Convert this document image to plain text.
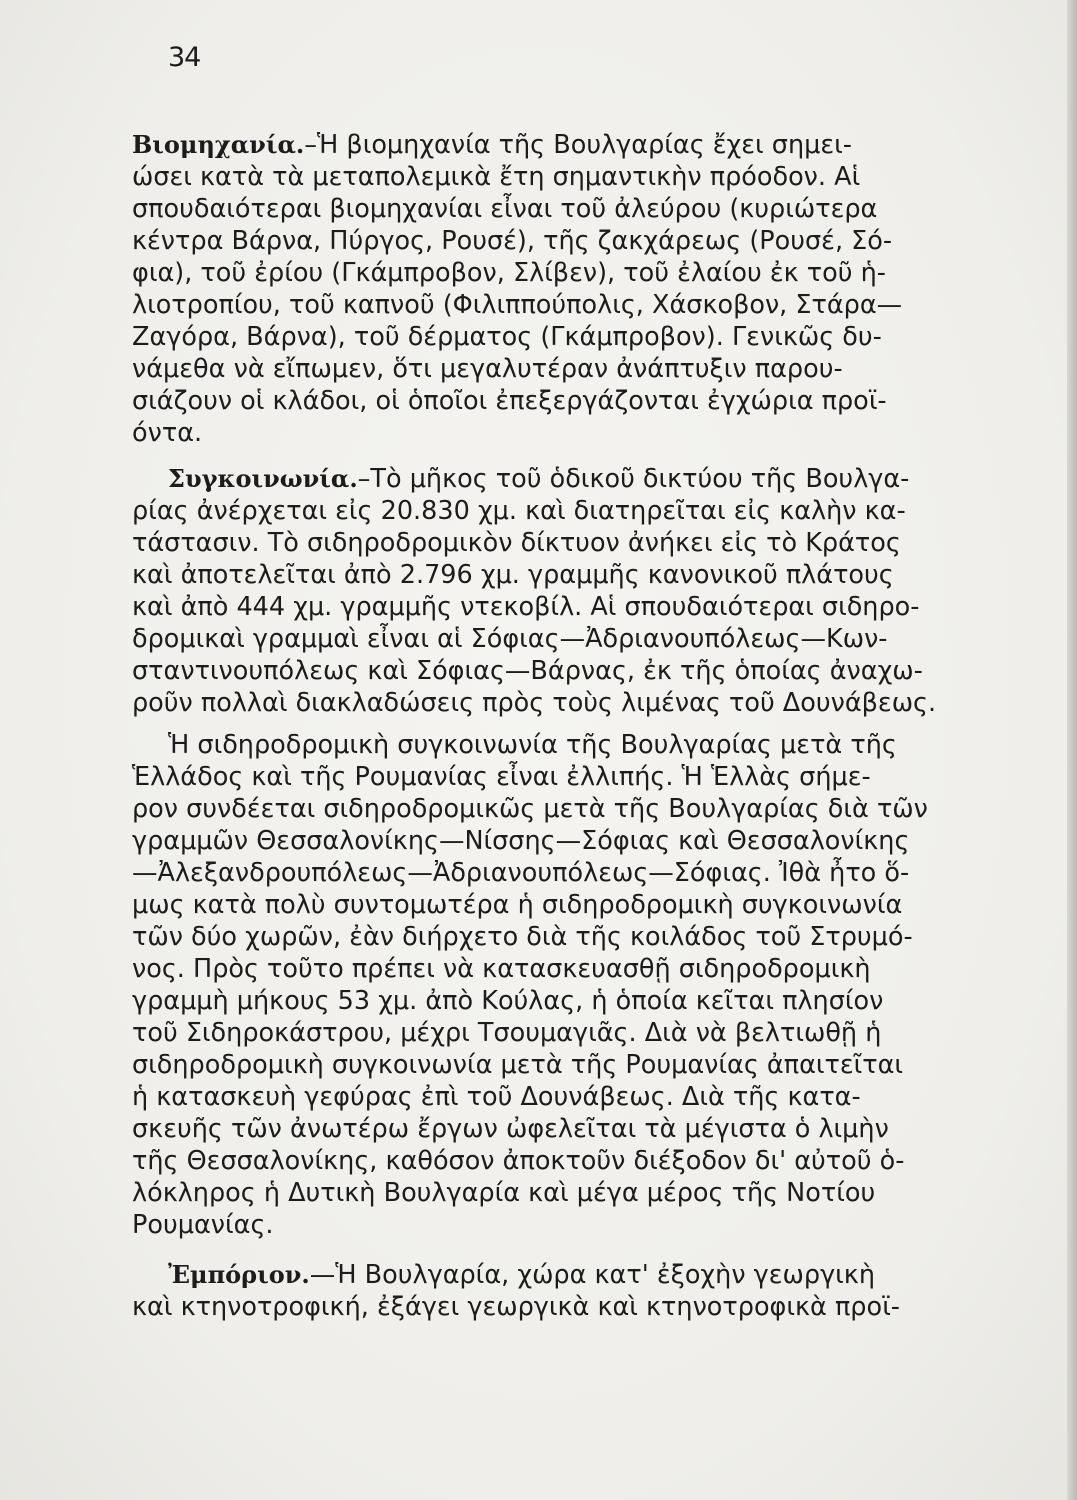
34
Βιομηχανία.–Ἡ βιομηχανία τῆς Βουλγαρίας ἔχει σημει-
ώσει κατὰ τὰ μεταπολεμικὰ ἔτη σημαντικὴν πρόοδον. Αἱ
σπουδαιότεραι βιομηχανίαι εἶναι τοῦ ἀλεύρου (κυριώτερα
κέντρα Βάρνα, Πύργος, Ρουσέ), τῆς ζακχάρεως (Ρουσέ, Σό-
φια), τοῦ ἐρίου (Γκάμπροβον, Σλίβεν), τοῦ ἐλαίου ἐκ τοῦ ἡ-
λιοτροπίου, τοῦ καπνοῦ (Φιλιππούπολις, Χάσκοβον, Στάρα—
Ζαγόρα, Βάρνα), τοῦ δέρματος (Γκάμπροβον). Γενικῶς δυ-
νάμεθα νὰ εἴπωμεν, ὅτι μεγαλυτέραν ἀνάπτυξιν παρου-
σιάζουν οἱ κλάδοι, οἱ ὁποῖοι ἐπεξεργάζονται ἐγχώρια προϊ-
όντα.
Συγκοινωνία.–Τὸ μῆκος τοῦ ὁδικοῦ δικτύου τῆς Βουλγα-
ρίας ἀνέρχεται εἰς 20.830 χμ. καὶ διατηρεῖται εἰς καλὴν κα-
τάστασιν. Τὸ σιδηροδρομικὸν δίκτυον ἀνήκει εἰς τὸ Κράτος
καὶ ἀποτελεῖται ἀπὸ 2.796 χμ. γραμμῆς κανονικοῦ πλάτους
καὶ ἀπὸ 444 χμ. γραμμῆς ντεκοβίλ. Αἱ σπουδαιότεραι σιδηρο-
δρομικαὶ γραμμαὶ εἶναι αἱ Σόφιας—Ἀδριανουπόλεως—Κων-
σταντινουπόλεως καὶ Σόφιας—Βάρνας, ἐκ τῆς ὁποίας ἀναχω-
ροῦν πολλαὶ διακλαδώσεις πρὸς τοὺς λιμένας τοῦ Δουνάβεως.
Ἡ σιδηροδρομικὴ συγκοινωνία τῆς Βουλγαρίας μετὰ τῆς
Ἑλλάδος καὶ τῆς Ρουμανίας εἶναι ἐλλιπής. Ἡ Ἑλλὰς σήμε-
ρον συνδέεται σιδηροδρομικῶς μετὰ τῆς Βουλγαρίας διὰ τῶν
γραμμῶν Θεσσαλονίκης—Νίσσης—Σόφιας καὶ Θεσσαλονίκης
—Ἀλεξανδρουπόλεως—Ἀδριανουπόλεως—Σόφιας. Ἰθὰ ἦτο ὅ-
μως κατὰ πολὺ συντομωτέρα ἡ σιδηροδρομικὴ συγκοινωνία
τῶν δύο χωρῶν, ἐὰν διήρχετο διὰ τῆς κοιλάδος τοῦ Στρυμό-
νος. Πρὸς τοῦτο πρέπει νὰ κατασκευασθῇ σιδηροδρομικὴ
γραμμὴ μήκους 53 χμ. ἀπὸ Κούλας, ἡ ὁποία κεῖται πλησίον
τοῦ Σιδηροκάστρου, μέχρι Τσουμαγιᾶς. Διὰ νὰ βελτιωθῇ ἡ
σιδηροδρομικὴ συγκοινωνία μετὰ τῆς Ρουμανίας ἀπαιτεῖται
ἡ κατασκευὴ γεφύρας ἐπὶ τοῦ Δουνάβεως. Διὰ τῆς κατα-
σκευῆς τῶν ἀνωτέρω ἔργων ὠφελεῖται τὰ μέγιστα ὁ λιμὴν
τῆς Θεσσαλονίκης, καθόσον ἀποκτοῦν διέξοδον δι' αὐτοῦ ὁ-
λόκληρος ἡ Δυτικὴ Βουλγαρία καὶ μέγα μέρος τῆς Νοτίου
Ρουμανίας.
Ἐμπόριον.—Ἡ Βουλγαρία, χώρα κατ' ἐξοχὴν γεωργικὴ
καὶ κτηνοτροφική, ἐξάγει γεωργικὰ καὶ κτηνοτροφικὰ προϊ-
